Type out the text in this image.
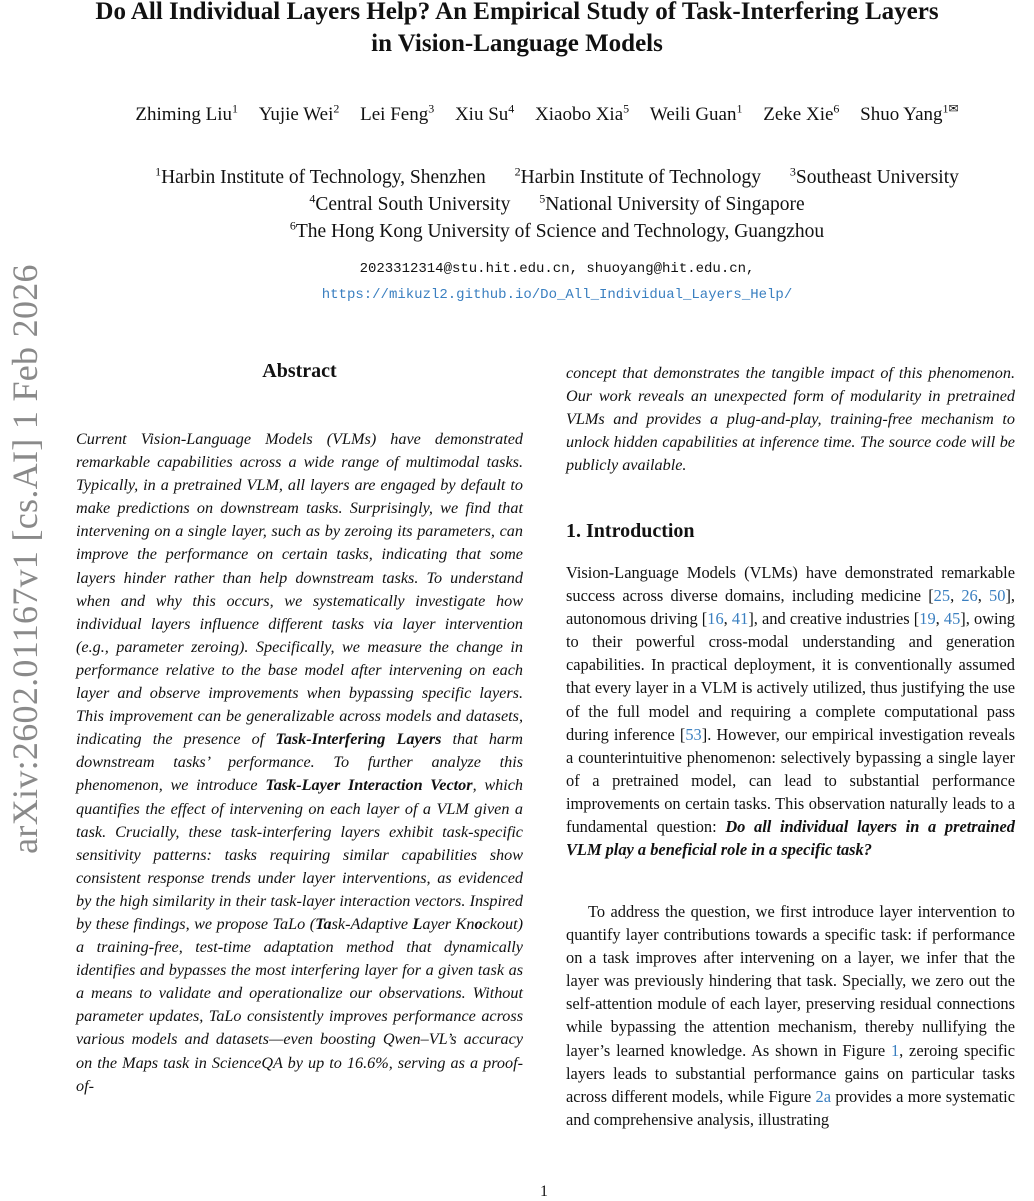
arXiv:2602.01167v1 [cs.AI] 1 Feb 2026
Do All Individual Layers Help? An Empirical Study of Task-Interfering Layers
in Vision-Language Models
Zhiming Liu$^1$ Yujie Wei$^2$ Lei Feng$^3$ Xiu Su$^4$ Xiaobo Xia$^5$ Weili Guan$^1$ Zeke Xie$^6$ Shuo Yang$^{1✉}$
$^1$Harbin Institute of Technology, Shenzhen $^2$Harbin Institute of Technology $^3$Southeast University
$^4$Central South University $^5$National University of Singapore
$^6$The Hong Kong University of Science and Technology, Guangzhou
2023312314@stu.hit.edu.cn, shuoyang@hit.edu.cn,
https://mikuzl2.github.io/Do_All_Individual_Layers_Help/
Abstract

Current Vision-Language Models (VLMs) have demonstrated remarkable capabilities across a wide range of multimodal tasks. Typically, in a pretrained VLM, all layers are engaged by default to make predictions on downstream tasks. Surprisingly, we find that intervening on a single layer, such as by zeroing its parameters, can improve the performance on certain tasks, indicating that some layers hinder rather than help downstream tasks. To understand when and why this occurs, we systematically investigate how individual layers influence different tasks via layer intervention (e.g., parameter zeroing). Specifically, we measure the change in performance relative to the base model after intervening on each layer and observe improvements when bypassing specific layers. This improvement can be generalizable across models and datasets, indicating the presence of Task-Interfering Layers that harm downstream tasks’ performance. To further analyze this phenomenon, we introduce Task-Layer Interaction Vector, which quantifies the effect of intervening on each layer of a VLM given a task. Crucially, these task-interfering layers exhibit task-specific sensitivity patterns: tasks requiring similar capabilities show consistent response trends under layer interventions, as evidenced by the high similarity in their task-layer interaction vectors. Inspired by these findings, we propose TaLo (Task-Adaptive Layer Knockout) a training-free, test-time adaptation method that dynamically identifies and bypasses the most interfering layer for a given task as a means to validate and operationalize our observations. Without parameter updates, TaLo consistently improves performance across various models and datasets—even boosting Qwen–VL’s accuracy on the Maps task in ScienceQA by up to 16.6%, serving as a proof-of-

concept that demonstrates the tangible impact of this phenomenon. Our work reveals an unexpected form of modularity in pretrained VLMs and provides a plug-and-play, training-free mechanism to unlock hidden capabilities at inference time. The source code will be publicly available.

1. Introduction

Vision-Language Models (VLMs) have demonstrated remarkable success across diverse domains, including medicine [25, 26, 50], autonomous driving [16, 41], and creative industries [19, 45], owing to their powerful cross-modal understanding and generation capabilities. In practical deployment, it is conventionally assumed that every layer in a VLM is actively utilized, thus justifying the use of the full model and requiring a complete computational pass during inference [53]. However, our empirical investigation reveals a counterintuitive phenomenon: selectively bypassing a single layer of a pretrained model, can lead to substantial performance improvements on certain tasks. This observation naturally leads to a fundamental question: Do all individual layers in a pretrained VLM play a beneficial role in a specific task?

To address the question, we first introduce layer intervention to quantify layer contributions towards a specific task: if performance on a task improves after intervening on a layer, we infer that the layer was previously hindering that task. Specially, we zero out the self-attention module of each layer, preserving residual connections while bypassing the attention mechanism, thereby nullifying the layer’s learned knowledge. As shown in Figure 1, zeroing specific layers leads to substantial performance gains on particular tasks across different models, while Figure 2a provides a more systematic and comprehensive analysis, illustrating

1
